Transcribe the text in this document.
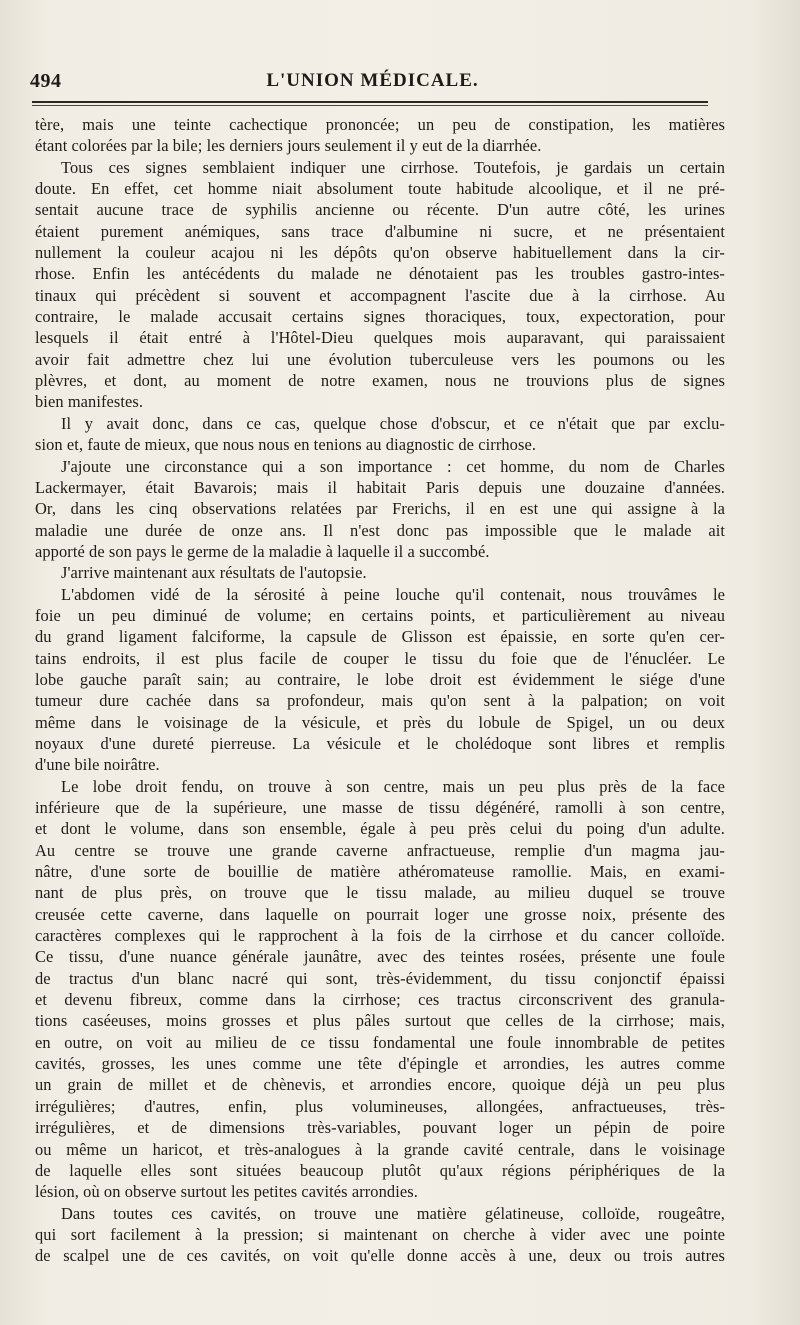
494	L'UNION MÉDICALE.
tère, mais une teinte cachectique prononcée; un peu de constipation, les matières
étant colorées par la bile; les derniers jours seulement il y eut de la diarrhée.
Tous ces signes semblaient indiquer une cirrhose. Toutefois, je gardais un certain
doute. En effet, cet homme niait absolument toute habitude alcoolique, et il ne pré-
sentait aucune trace de syphilis ancienne ou récente. D'un autre côté, les urines
étaient purement anémiques, sans trace d'albumine ni sucre, et ne présentaient
nullement la couleur acajou ni les dépôts qu'on observe habituellement dans la cir-
rhose. Enfin les antécédents du malade ne dénotaient pas les troubles gastro-intes-
tinaux qui précèdent si souvent et accompagnent l'ascite due à la cirrhose. Au
contraire, le malade accusait certains signes thoraciques, toux, expectoration, pour
lesquels il était entré à l'Hôtel-Dieu quelques mois auparavant, qui paraissaient
avoir fait admettre chez lui une évolution tuberculeuse vers les poumons ou les
plèvres, et dont, au moment de notre examen, nous ne trouvions plus de signes
bien manifestes.
Il y avait donc, dans ce cas, quelque chose d'obscur, et ce n'était que par exclu-
sion et, faute de mieux, que nous nous en tenions au diagnostic de cirrhose.
J'ajoute une circonstance qui a son importance : cet homme, du nom de Charles
Lackermayer, était Bavarois; mais il habitait Paris depuis une douzaine d'années.
Or, dans les cinq observations relatées par Frerichs, il en est une qui assigne à la
maladie une durée de onze ans. Il n'est donc pas impossible que le malade ait
apporté de son pays le germe de la maladie à laquelle il a succombé.
J'arrive maintenant aux résultats de l'autopsie.
L'abdomen vidé de la sérosité à peine louche qu'il contenait, nous trouvâmes le
foie un peu diminué de volume; en certains points, et particulièrement au niveau
du grand ligament falciforme, la capsule de Glisson est épaissie, en sorte qu'en cer-
tains endroits, il est plus facile de couper le tissu du foie que de l'énucléer. Le
lobe gauche paraît sain; au contraire, le lobe droit est évidemment le siége d'une
tumeur dure cachée dans sa profondeur, mais qu'on sent à la palpation; on voit
même dans le voisinage de la vésicule, et près du lobule de Spigel, un ou deux
noyaux d'une dureté pierreuse. La vésicule et le cholédoque sont libres et remplis
d'une bile noirâtre.
Le lobe droit fendu, on trouve à son centre, mais un peu plus près de la face
inférieure que de la supérieure, une masse de tissu dégénéré, ramolli à son centre,
et dont le volume, dans son ensemble, égale à peu près celui du poing d'un adulte.
Au centre se trouve une grande caverne anfractueuse, remplie d'un magma jau-
nâtre, d'une sorte de bouillie de matière athéromateuse ramollie. Mais, en exami-
nant de plus près, on trouve que le tissu malade, au milieu duquel se trouve
creusée cette caverne, dans laquelle on pourrait loger une grosse noix, présente des
caractères complexes qui le rapprochent à la fois de la cirrhose et du cancer colloïde.
Ce tissu, d'une nuance générale jaunâtre, avec des teintes rosées, présente une foule
de tractus d'un blanc nacré qui sont, très-évidemment, du tissu conjonctif épaissi
et devenu fibreux, comme dans la cirrhose; ces tractus circonscrivent des granula-
tions caséeuses, moins grosses et plus pâles surtout que celles de la cirrhose; mais,
en outre, on voit au milieu de ce tissu fondamental une foule innombrable de petites
cavités, grosses, les unes comme une tête d'épingle et arrondies, les autres comme
un grain de millet et de chènevis, et arrondies encore, quoique déjà un peu plus
irrégulières; d'autres, enfin, plus volumineuses, allongées, anfractueuses, très-
irrégulières, et de dimensions très-variables, pouvant loger un pépin de poire
ou même un haricot, et très-analogues à la grande cavité centrale, dans le voisinage
de laquelle elles sont situées beaucoup plutôt qu'aux régions périphériques de la
lésion, où on observe surtout les petites cavités arrondies.
Dans toutes ces cavités, on trouve une matière gélatineuse, colloïde, rougeâtre,
qui sort facilement à la pression; si maintenant on cherche à vider avec une pointe
de scalpel une de ces cavités, on voit qu'elle donne accès à une, deux ou trois autres
